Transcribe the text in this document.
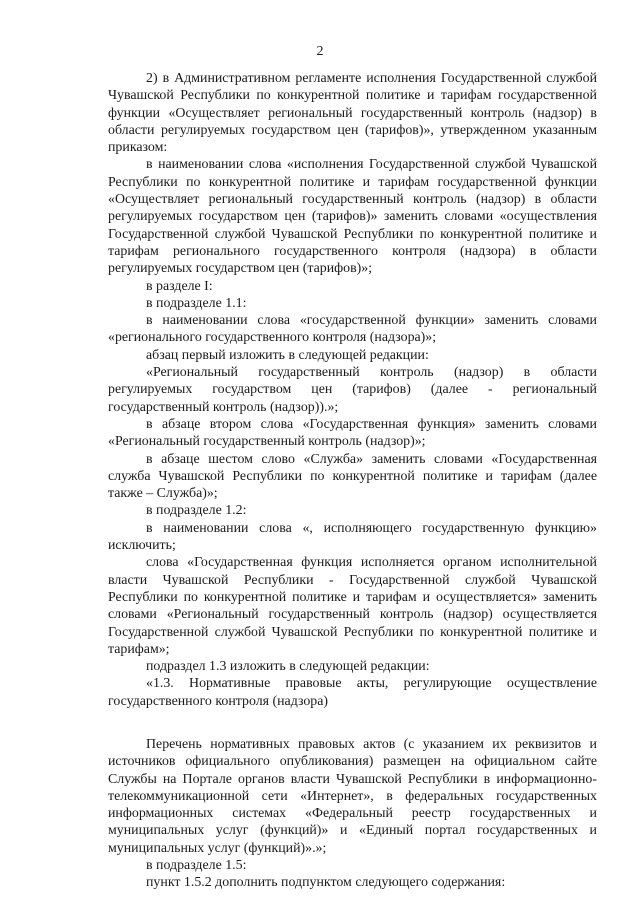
2

2) в Административном регламенте исполнения Государственной службой Чувашской Республики по конкурентной политике и тарифам государственной функции «Осуществляет региональный государственный контроль (надзор) в области регулируемых государством цен (тарифов)», утвержденном указанным приказом:

в наименовании слова «исполнения Государственной службой Чувашской Республики по конкурентной политике и тарифам государственной функции «Осуществляет региональный государственный контроль (надзор) в области регулируемых государством цен (тарифов)» заменить словами «осуществления Государственной службой Чувашской Республики по конкурентной политике и тарифам регионального государственного контроля (надзора) в области регулируемых государством цен (тарифов)»;

в разделе I:

в подразделе 1.1:

в наименовании слова «государственной функции» заменить словами «регионального государственного контроля (надзора)»;

абзац первый изложить в следующей редакции:

«Региональный государственный контроль (надзор) в области регулируемых государством цен (тарифов) (далее - региональный государственный контроль (надзор)).»;

в абзаце втором слова «Государственная функция» заменить словами «Региональный государственный контроль (надзор)»;

в абзаце шестом слово «Служба» заменить словами «Государственная служба Чувашской Республики по конкурентной политике и тарифам (далее также – Служба)»;

в подразделе 1.2:

в наименовании слова «, исполняющего государственную функцию» исключить;

слова «Государственная функция исполняется органом исполнительной власти Чувашской Республики - Государственной службой Чувашской Республики по конкурентной политике и тарифам и осуществляется» заменить словами «Региональный государственный контроль (надзор) осуществляется Государственной службой Чувашской Республики по конкурентной политике и тарифам»;

подраздел 1.3 изложить в следующей редакции:

«1.3. Нормативные правовые акты, регулирующие осуществление государственного контроля (надзора)

Перечень нормативных правовых актов (с указанием их реквизитов и источников официального опубликования) размещен на официальном сайте Службы на Портале органов власти Чувашской Республики в информационно-телекоммуникационной сети «Интернет», в федеральных государственных информационных системах «Федеральный реестр государственных и муниципальных услуг (функций)» и «Единый портал государственных и муниципальных услуг (функций)».»;

в подразделе 1.5:

пункт 1.5.2 дополнить подпунктом следующего содержания:
